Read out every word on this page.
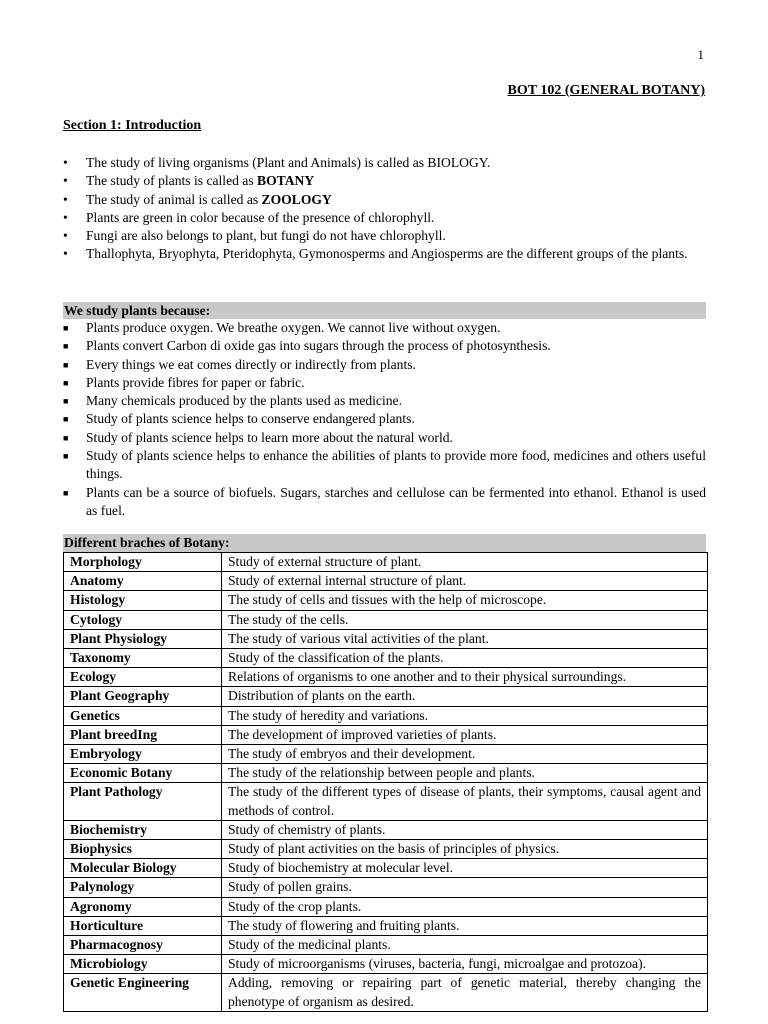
1
BOT 102 (GENERAL BOTANY)
Section 1: Introduction
• The study of living organisms (Plant and Animals) is called as BIOLOGY.
• The study of plants is called as BOTANY
• The study of animal is called as ZOOLOGY
• Plants are green in color because of the presence of chlorophyll.
• Fungi are also belongs to plant, but fungi do not have chlorophyll.
• Thallophyta, Bryophyta, Pteridophyta, Gymonosperms and Angiosperms are the different groups of the plants.
We study plants because:
■ Plants produce oxygen. We breathe oxygen. We cannot live without oxygen.
■ Plants convert Carbon di oxide gas into sugars through the process of photosynthesis.
■ Every things we eat comes directly or indirectly from plants.
■ Plants provide fibres for paper or fabric.
■ Many chemicals produced by the plants used as medicine.
■ Study of plants science helps to conserve endangered plants.
■ Study of plants science helps to learn more about the natural world.
■ Study of plants science helps to enhance the abilities of plants to provide more food, medicines and others useful things.
■ Plants can be a source of biofuels. Sugars, starches and cellulose can be fermented into ethanol. Ethanol is used as fuel.
Different braches of Botany:
Morphology	Study of external structure of plant.
Anatomy	Study of external internal structure of plant.
Histology	The study of cells and tissues with the help of microscope.
Cytology	The study of the cells.
Plant Physiology	The study of various vital activities of the plant.
Taxonomy	Study of the classification of the plants.
Ecology	Relations of organisms to one another and to their physical surroundings.
Plant Geography	Distribution of plants on the earth.
Genetics	The study of heredity and variations.
Plant breedIng	The development of improved varieties of plants.
Embryology	The study of embryos and their development.
Economic Botany	The study of the relationship between people and plants.
Plant Pathology	The study of the different types of disease of plants, their symptoms, causal agent and methods of control.
Biochemistry	Study of chemistry of plants.
Biophysics	Study of plant activities on the basis of principles of physics.
Molecular Biology	Study of biochemistry at molecular level.
Palynology	Study of pollen grains.
Agronomy	Study of the crop plants.
Horticulture	The study of flowering and fruiting plants.
Pharmacognosy	Study of the medicinal plants.
Microbiology	Study of microorganisms (viruses, bacteria, fungi, microalgae and protozoa).
Genetic Engineering	Adding, removing or repairing part of genetic material, thereby changing the phenotype of organism as desired.
